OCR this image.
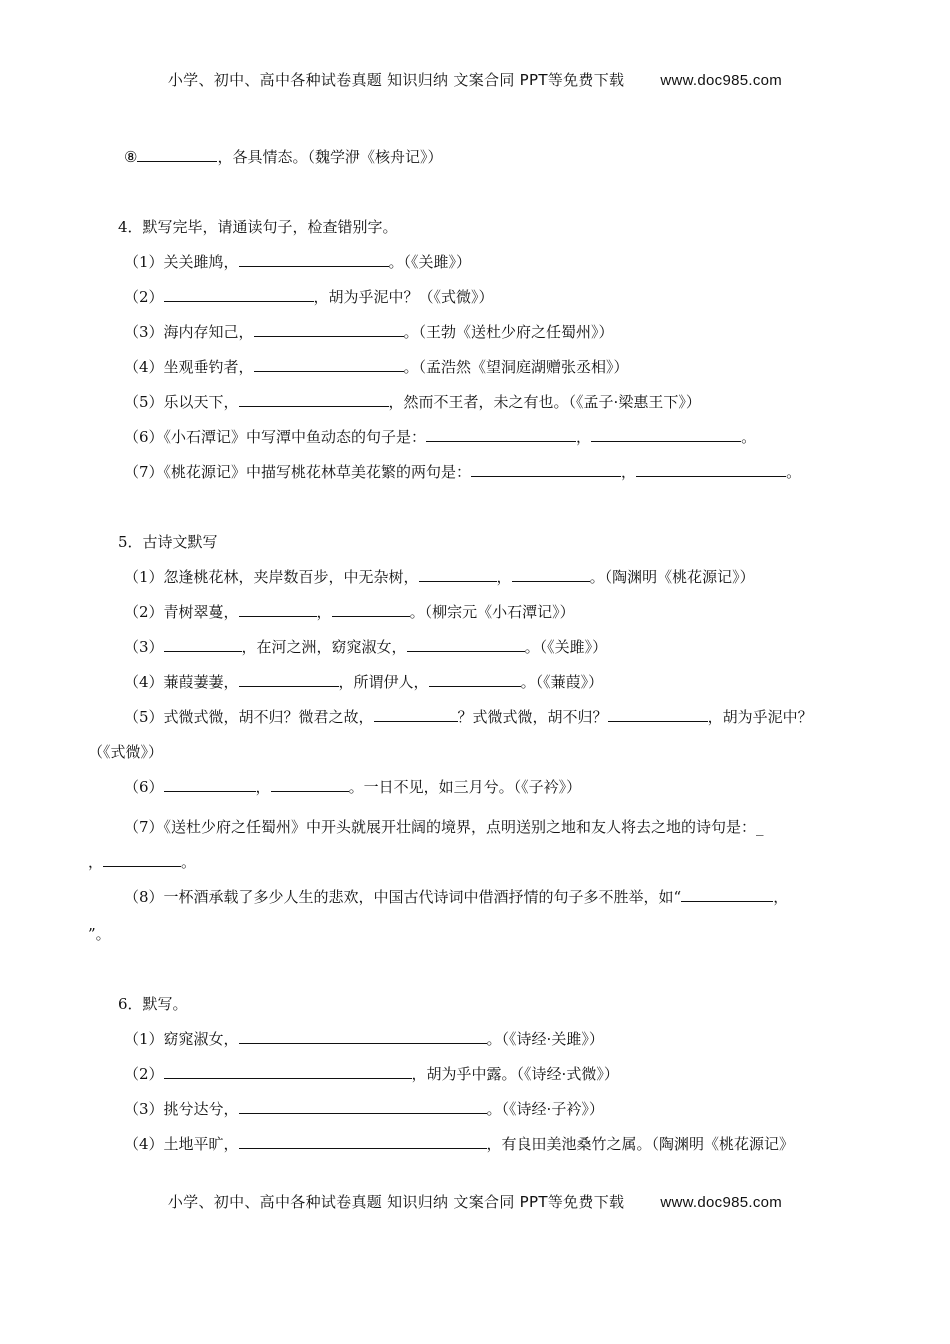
小学、初中、高中各种试卷真题 知识归纳 文案合同 PPT等免费下载 www.doc985.com
⑧	，各具情态。（魏学洢《核舟记》）
4．默写完毕，请通读句子，检查错别字。
（1）关关雎鸠，	。（《关雎》）
（2）	，胡为乎泥中？（《式微》）
（3）海内存知己，	。（王勃《送杜少府之任蜀州》）
（4）坐观垂钓者，	。（孟浩然《望洞庭湖赠张丞相》）
（5）乐以天下，	，然而不王者，未之有也。（《孟子·梁惠王下》）
（6）《小石潭记》中写潭中鱼动态的句子是：	，	。
（7）《桃花源记》中描写桃花林草美花繁的两句是：	，	。
5．古诗文默写
（1）忽逢桃花林，夹岸数百步，中无杂树，	，	。（陶渊明《桃花源记》）
（2）青树翠蔓，	，	。（柳宗元《小石潭记》）
（3）	，在河之洲，窈窕淑女，	。（《关雎》）
（4）蒹葭萋萋，	，所谓伊人，	。（《蒹葭》）
（5）式微式微，胡不归？微君之故，	？式微式微，胡不归？	，胡为乎泥中？
（《式微》）
（6）	，	。一日不见，如三月兮。（《子衿》）
（7）《送杜少府之任蜀州》中开头就展开壮阔的境界，点明送别之地和友人将去之地的诗句是：_
，	。
（8）一杯酒承载了多少人生的悲欢，中国古代诗词中借酒抒情的句子多不胜举，如“	，
”。
6．默写。
（1）窈窕淑女，	。（《诗经·关雎》）
（2）	，胡为乎中露。（《诗经·式微》）
（3）挑兮达兮，	。（《诗经·子衿》）
（4）土地平旷，	，有良田美池桑竹之属。（陶渊明《桃花源记》
小学、初中、高中各种试卷真题 知识归纳 文案合同 PPT等免费下载 www.doc985.com
